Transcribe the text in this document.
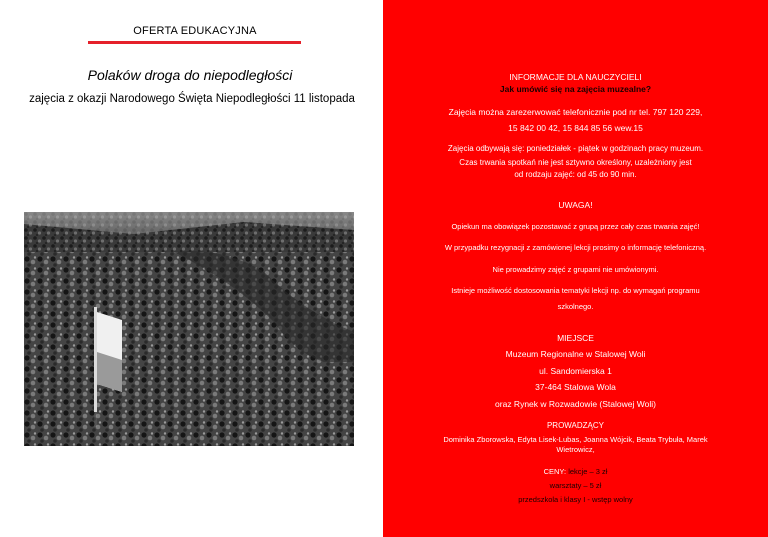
OFERTA EDUKACYJNA
Polaków droga do niepodległości
zajęcia z okazji Narodowego Święta Niepodległości 11 listopada
INFORMACJE DLA NAUCZYCIELI
Jak umówić się na zajęcia muzealne?
Zajęcia można zarezerwować telefonicznie pod nr tel. 797 120 229,
15 842 00 42, 15 844 85 56 wew.15
Zajęcia odbywają się: poniedziałek - piątek w godzinach pracy muzeum.
Czas trwania spotkań nie jest sztywno określony, uzależniony jest
od rodzaju zajęć: od 45 do 90 min.
UWAGA!
Opiekun ma obowiązek pozostawać z grupą przez cały czas trwania zajęć!
W przypadku rezygnacji z zamówionej lekcji prosimy o informację telefoniczną.
Nie prowadzimy zajęć z grupami nie umówionymi.
Istnieje możliwość dostosowania tematyki lekcji np. do wymagań programu
szkolnego.
MIEJSCE
Muzeum Regionalne w Stalowej Woli
ul. Sandomierska 1
37-464 Stalowa Wola
oraz Rynek w Rozwadowie (Stalowej Woli)
PROWADZĄCY
Dominika Zborowska, Edyta Lisek-Lubas, Joanna Wójcik, Beata Trybuła, Marek
Wietrowicz,
CENY: lekcje – 3 zł
warsztaty – 5 zł
przedszkola i klasy I - wstęp wolny
